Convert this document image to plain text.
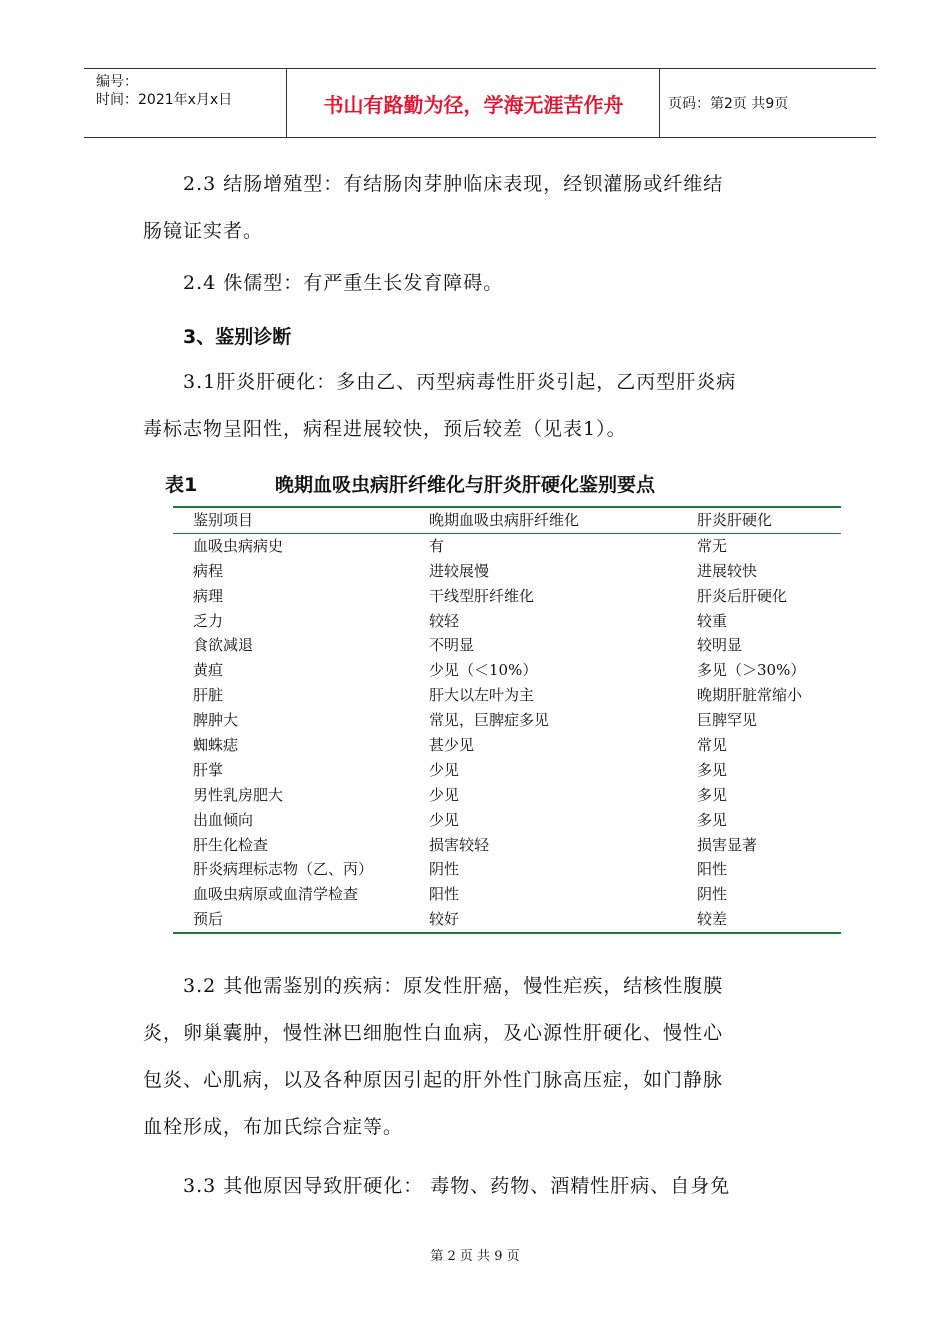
编号：
时间：2021年x月x日	书山有路勤为径，学海无涯苦作舟	页码：第2页 共9页
2.3 结肠增殖型：有结肠肉芽肿临床表现，经钡灌肠或纤维结
肠镜证实者。
2.4 侏儒型：有严重生长发育障碍。
3、鉴别诊断
3.1肝炎肝硬化：多由乙、丙型病毒性肝炎引起，乙丙型肝炎病
毒标志物呈阳性，病程进展较快，预后较差（见表1）。
表1	晚期血吸虫病肝纤维化与肝炎肝硬化鉴别要点
鉴别项目	晚期血吸虫病肝纤维化	肝炎肝硬化
血吸虫病病史	有	常无
病程	进较展慢	进展较快
病理	干线型肝纤维化	肝炎后肝硬化
乏力	较轻	较重
食欲减退	不明显	较明显
黄疸	少见（＜10%）	多见（＞30%）
肝脏	肝大以左叶为主	晚期肝脏常缩小
脾肿大	常见，巨脾症多见	巨脾罕见
蜘蛛痣	甚少见	常见
肝掌	少见	多见
男性乳房肥大	少见	多见
出血倾向	少见	多见
肝生化检查	损害较轻	损害显著
肝炎病理标志物（乙、丙）	阴性	阳性
血吸虫病原或血清学检查	阳性	阴性
预后	较好	较差
3.2 其他需鉴别的疾病：原发性肝癌，慢性疟疾，结核性腹膜
炎，卵巢囊肿，慢性淋巴细胞性白血病，及心源性肝硬化、慢性心
包炎、心肌病，以及各种原因引起的肝外性门脉高压症，如门静脉
血栓形成，布加氏综合症等。
3.3 其他原因导致肝硬化： 毒物、药物、酒精性肝病、自身免
第 2 页 共 9 页
